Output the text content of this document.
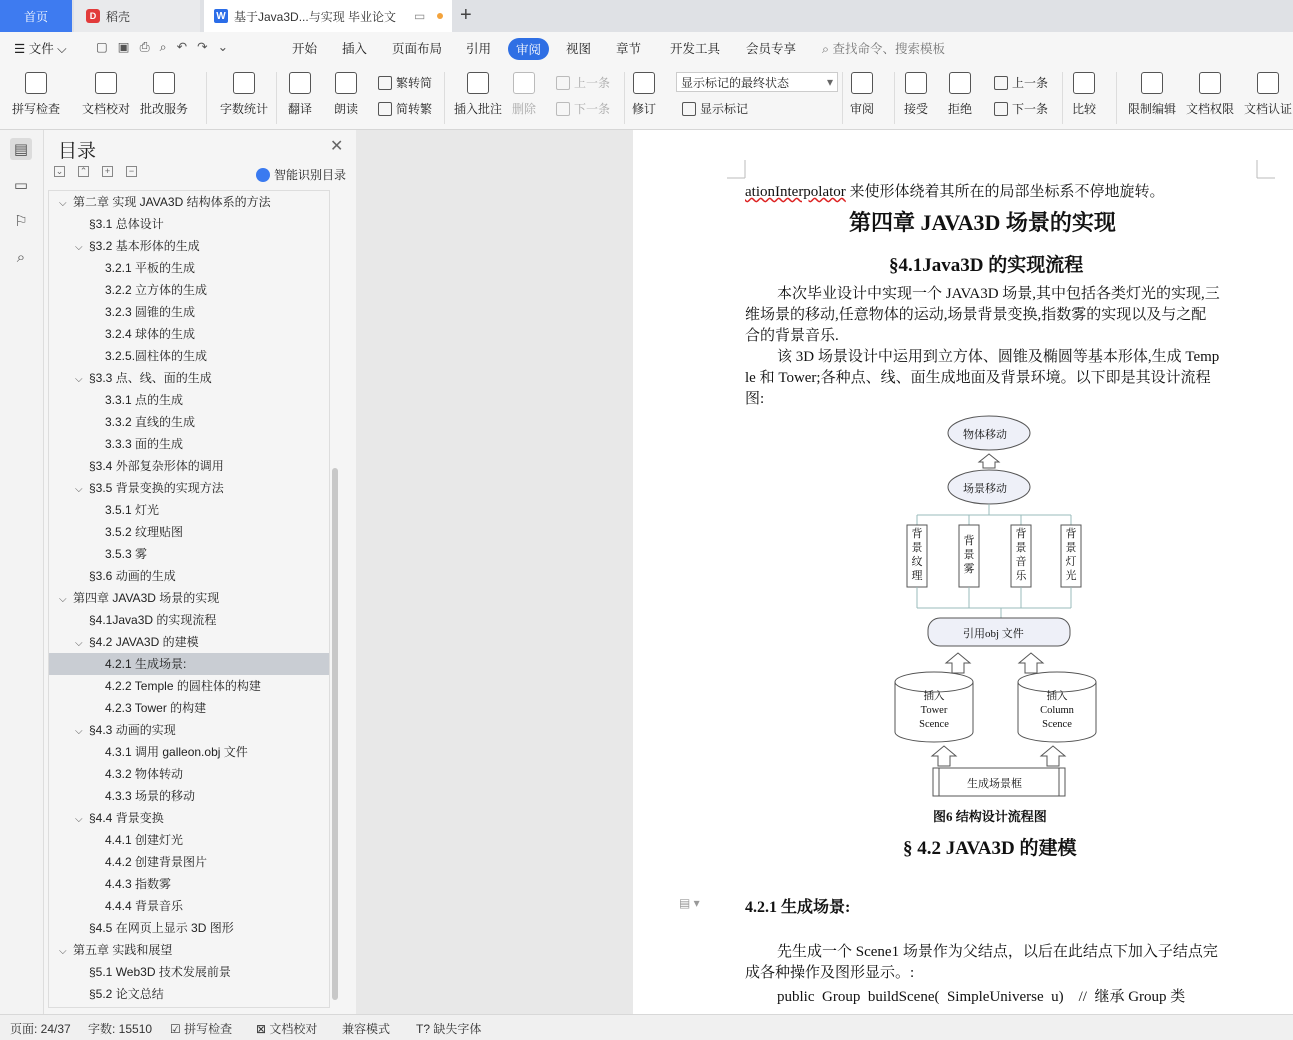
首页	D 稻壳	W 基于Java3D...与实现 毕业论文 ▭ +
☰ 文件 ⌵ ▢▣⎙⌕↶↷⌄	开始 插入 页面布局 引用	审阅	视图 章节 开发工具 会员专享 ⌕ 查找命令、搜索模板
拼写检查 文档校对 批改服务	字数统计 翻译 朗读
繁转简
简转繁 插入批注 删除
上一条
下一条 修订
显示标记的最终状态	▾
显示标记	审阅 接受 拒绝
上一条
下一条 比较	限制编辑 文档权限 文档认证
▤
▭
⚐
⌕
目录	✕
⌄ ⌃	+	−	智能识别目录
⌵ 第二章 实现 JAVA3D 结构体系的方法
§3.1 总体设计
⌵ §3.2 基本形体的生成
3.2.1 平板的生成
3.2.2 立方体的生成
3.2.3 圆锥的生成
3.2.4 球体的生成
3.2.5.圆柱体的生成
⌵ §3.3 点、线、面的生成
3.3.1 点的生成
3.3.2 直线的生成
3.3.3 面的生成
§3.4 外部复杂形体的调用
⌵ §3.5 背景变换的实现方法
3.5.1 灯光
3.5.2 纹理贴图
3.5.3 雾
§3.6 动画的生成
⌵ 第四章 JAVA3D 场景的实现
§4.1Java3D 的实现流程
⌵ §4.2 JAVA3D 的建模
4.2.1 生成场景:
4.2.2 Temple 的圆柱体的构建
4.2.3 Tower 的构建
⌵ §4.3 动画的实现
4.3.1 调用 galleon.obj 文件
4.3.2 物体转动
4.3.3 场景的移动
⌵ §4.4 背景变换
4.4.1 创建灯光
4.4.2 创建背景图片
4.4.3 指数雾
4.4.4 背景音乐
§4.5 在网页上显示 3D 图形
⌵ 第五章 实践和展望
§5.1 Web3D 技术发展前景
§5.2 论文总结
ationInterpolator 来使形体绕着其所在的局部坐标系不停地旋转。
第四章 JAVA3D 场景的实现
§4.1Java3D 的实现流程
本次毕业设计中实现一个 JAVA3D 场景,其中包括各类灯光的实现,三
维场景的移动,任意物体的运动,场景背景变换,指数雾的实现以及与之配
合的背景音乐.
该 3D 场景设计中运用到立方体、圆锥及椭圆等基本形体,生成 Temp
le 和 Tower;各种点、线、面生成地面及背景环境。以下即是其设计流程
图:
物体移动
场景移动
背景纹理
背景雾
背景音乐
背景灯光
引用obj 文件
插入
Tower
Scence
插入
Column
Scence
生成场景框
图6 结构设计流程图
§ 4.2 JAVA3D 的建模
▤ ▾	4.2.1 生成场景:
先生成一个 Scene1 场景作为父结点，以后在此结点下加入子结点完
成各种操作及图形显示。:
public  Group  buildScene(  SimpleUniverse  u)    //  继承 Group 类
页面: 24/37 字数: 15510 ☑ 拼写检查 ⊠ 文档校对 兼容模式 T? 缺失字体
